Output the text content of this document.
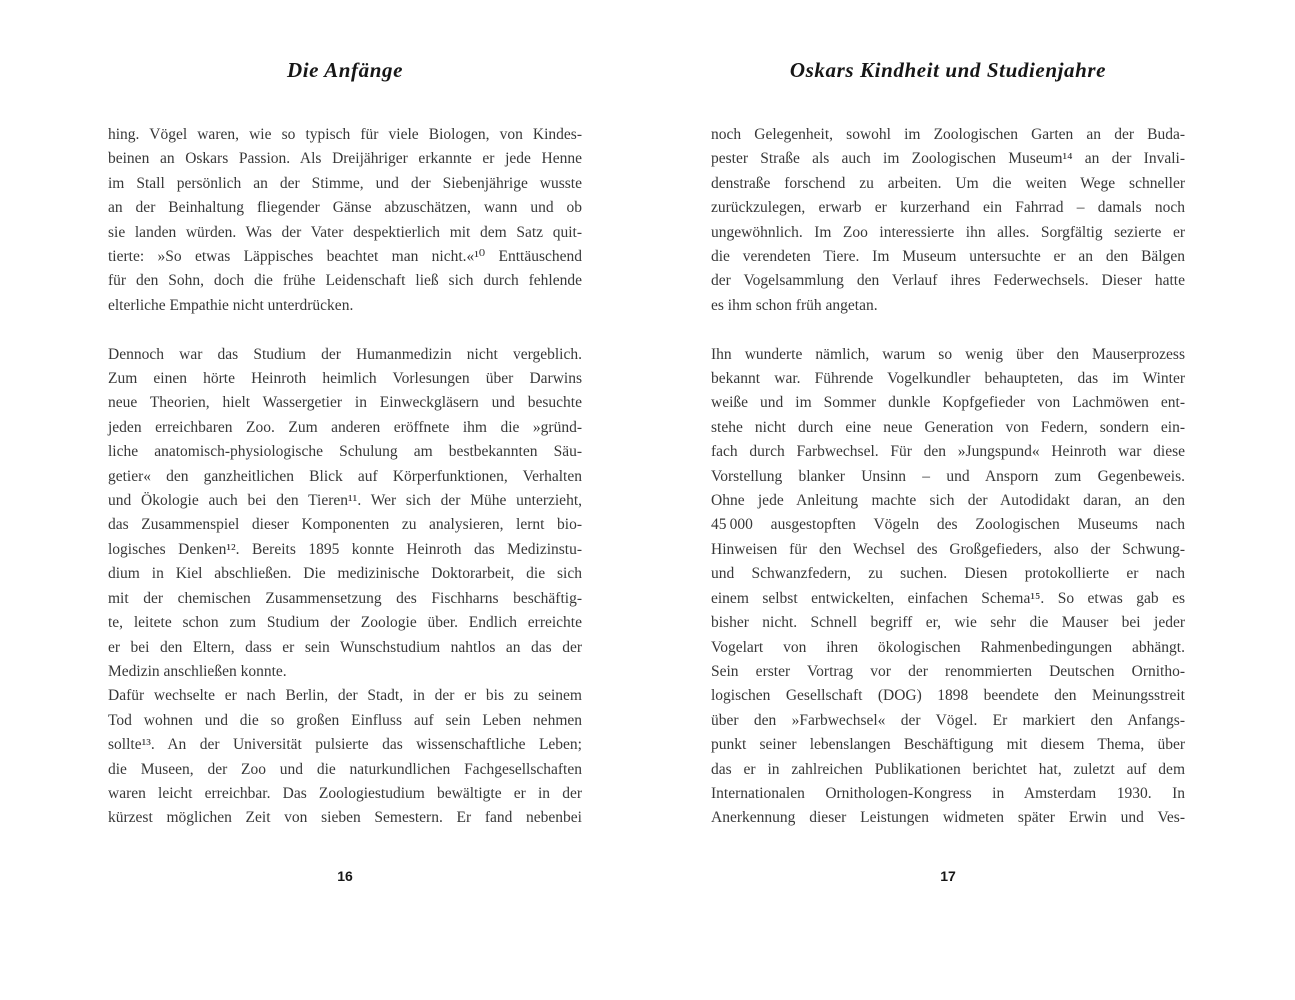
Die Anfänge
hing. Vögel waren, wie so typisch für viele Biologen, von Kindes-
beinen an Oskars Passion. Als Dreijähriger erkannte er jede Henne
im Stall persönlich an der Stimme, und der Siebenjährige wusste
an der Beinhaltung fliegender Gänse abzuschätzen, wann und ob
sie landen würden. Was der Vater despektierlich mit dem Satz quit-
tierte: »So etwas Läppisches beachtet man nicht.«¹⁰ Enttäuschend
für den Sohn, doch die frühe Leidenschaft ließ sich durch fehlende
elterliche Empathie nicht unterdrücken.
Dennoch war das Studium der Humanmedizin nicht vergeblich.
Zum einen hörte Heinroth heimlich Vorlesungen über Darwins
neue Theorien, hielt Wassergetier in Einweckgläsern und besuchte
jeden erreichbaren Zoo. Zum anderen eröffnete ihm die »gründ-
liche anatomisch-physiologische Schulung am bestbekannten Säu-
getier« den ganzheitlichen Blick auf Körperfunktionen, Verhalten
und Ökologie auch bei den Tieren¹¹. Wer sich der Mühe unterzieht,
das Zusammenspiel dieser Komponenten zu analysieren, lernt bio-
logisches Denken¹². Bereits 1895 konnte Heinroth das Medizinstu-
dium in Kiel abschließen. Die medizinische Doktorarbeit, die sich
mit der chemischen Zusammensetzung des Fischharns beschäftig-
te, leitete schon zum Studium der Zoologie über. Endlich erreichte
er bei den Eltern, dass er sein Wunschstudium nahtlos an das der
Medizin anschließen konnte.
Dafür wechselte er nach Berlin, der Stadt, in der er bis zu seinem
Tod wohnen und die so großen Einfluss auf sein Leben nehmen
sollte¹³. An der Universität pulsierte das wissenschaftliche Leben;
die Museen, der Zoo und die naturkundlichen Fachgesellschaften
waren leicht erreichbar. Das Zoologiestudium bewältigte er in der
kürzest möglichen Zeit von sieben Semestern. Er fand nebenbei
16
Oskars Kindheit und Studienjahre
noch Gelegenheit, sowohl im Zoologischen Garten an der Buda-
pester Straße als auch im Zoologischen Museum¹⁴ an der Invali-
denstraße forschend zu arbeiten. Um die weiten Wege schneller
zurückzulegen, erwarb er kurzerhand ein Fahrrad – damals noch
ungewöhnlich. Im Zoo interessierte ihn alles. Sorgfältig sezierte er
die verendeten Tiere. Im Museum untersuchte er an den Bälgen
der Vogelsammlung den Verlauf ihres Federwechsels. Dieser hatte
es ihm schon früh angetan.
Ihn wunderte nämlich, warum so wenig über den Mauserprozess
bekannt war. Führende Vogelkundler behaupteten, das im Winter
weiße und im Sommer dunkle Kopfgefieder von Lachmöwen ent-
stehe nicht durch eine neue Generation von Federn, sondern ein-
fach durch Farbwechsel. Für den »Jungspund« Heinroth war diese
Vorstellung blanker Unsinn – und Ansporn zum Gegenbeweis.
Ohne jede Anleitung machte sich der Autodidakt daran, an den
45 000 ausgestopften Vögeln des Zoologischen Museums nach
Hinweisen für den Wechsel des Großgefieders, also der Schwung-
und Schwanzfedern, zu suchen. Diesen protokollierte er nach
einem selbst entwickelten, einfachen Schema¹⁵. So etwas gab es
bisher nicht. Schnell begriff er, wie sehr die Mauser bei jeder
Vogelart von ihren ökologischen Rahmenbedingungen abhängt.
Sein erster Vortrag vor der renommierten Deutschen Ornitho-
logischen Gesellschaft (DOG) 1898 beendete den Meinungsstreit
über den »Farbwechsel« der Vögel. Er markiert den Anfangs-
punkt seiner lebenslangen Beschäftigung mit diesem Thema, über
das er in zahlreichen Publikationen berichtet hat, zuletzt auf dem
Internationalen Ornithologen-Kongress in Amsterdam 1930. In
Anerkennung dieser Leistungen widmeten später Erwin und Ves-
17
